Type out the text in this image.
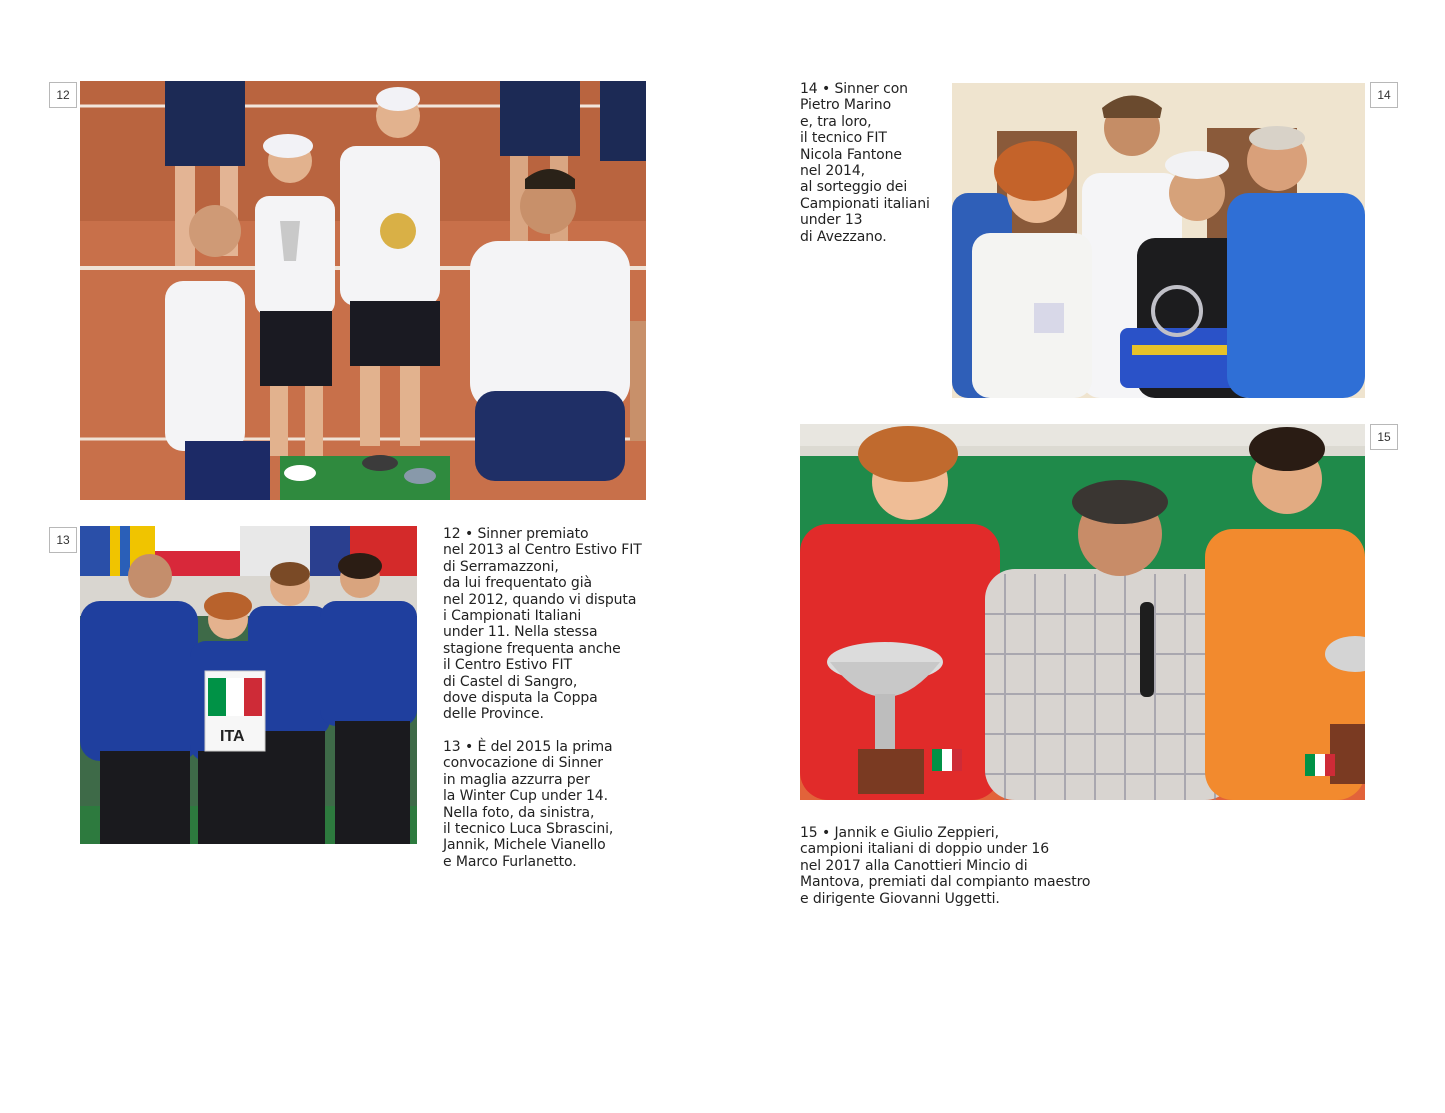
12
13
14
15
ITA

12 • Sinner premiato
nel 2013 al Centro Estivo FIT
di Serramazzoni,
da lui frequentato già
nel 2012, quando vi disputa
i Campionati Italiani
under 11. Nella stessa
stagione frequenta anche
il Centro Estivo FIT
di Castel di Sangro,
dove disputa la Coppa
delle Province.

13 • È del 2015 la prima
convocazione di Sinner
in maglia azzurra per
la Winter Cup under 14.
Nella foto, da sinistra,
il tecnico Luca Sbrascini,
Jannik, Michele Vianello
e Marco Furlanetto.

14 • Sinner con
Pietro Marino
e, tra loro,
il tecnico FIT
Nicola Fantone
nel 2014,
al sorteggio dei
Campionati italiani
under 13
di Avezzano.

15 • Jannik e Giulio Zeppieri,
campioni italiani di doppio under 16
nel 2017 alla Canottieri Mincio di
Mantova, premiati dal compianto maestro
e dirigente Giovanni Uggetti.
